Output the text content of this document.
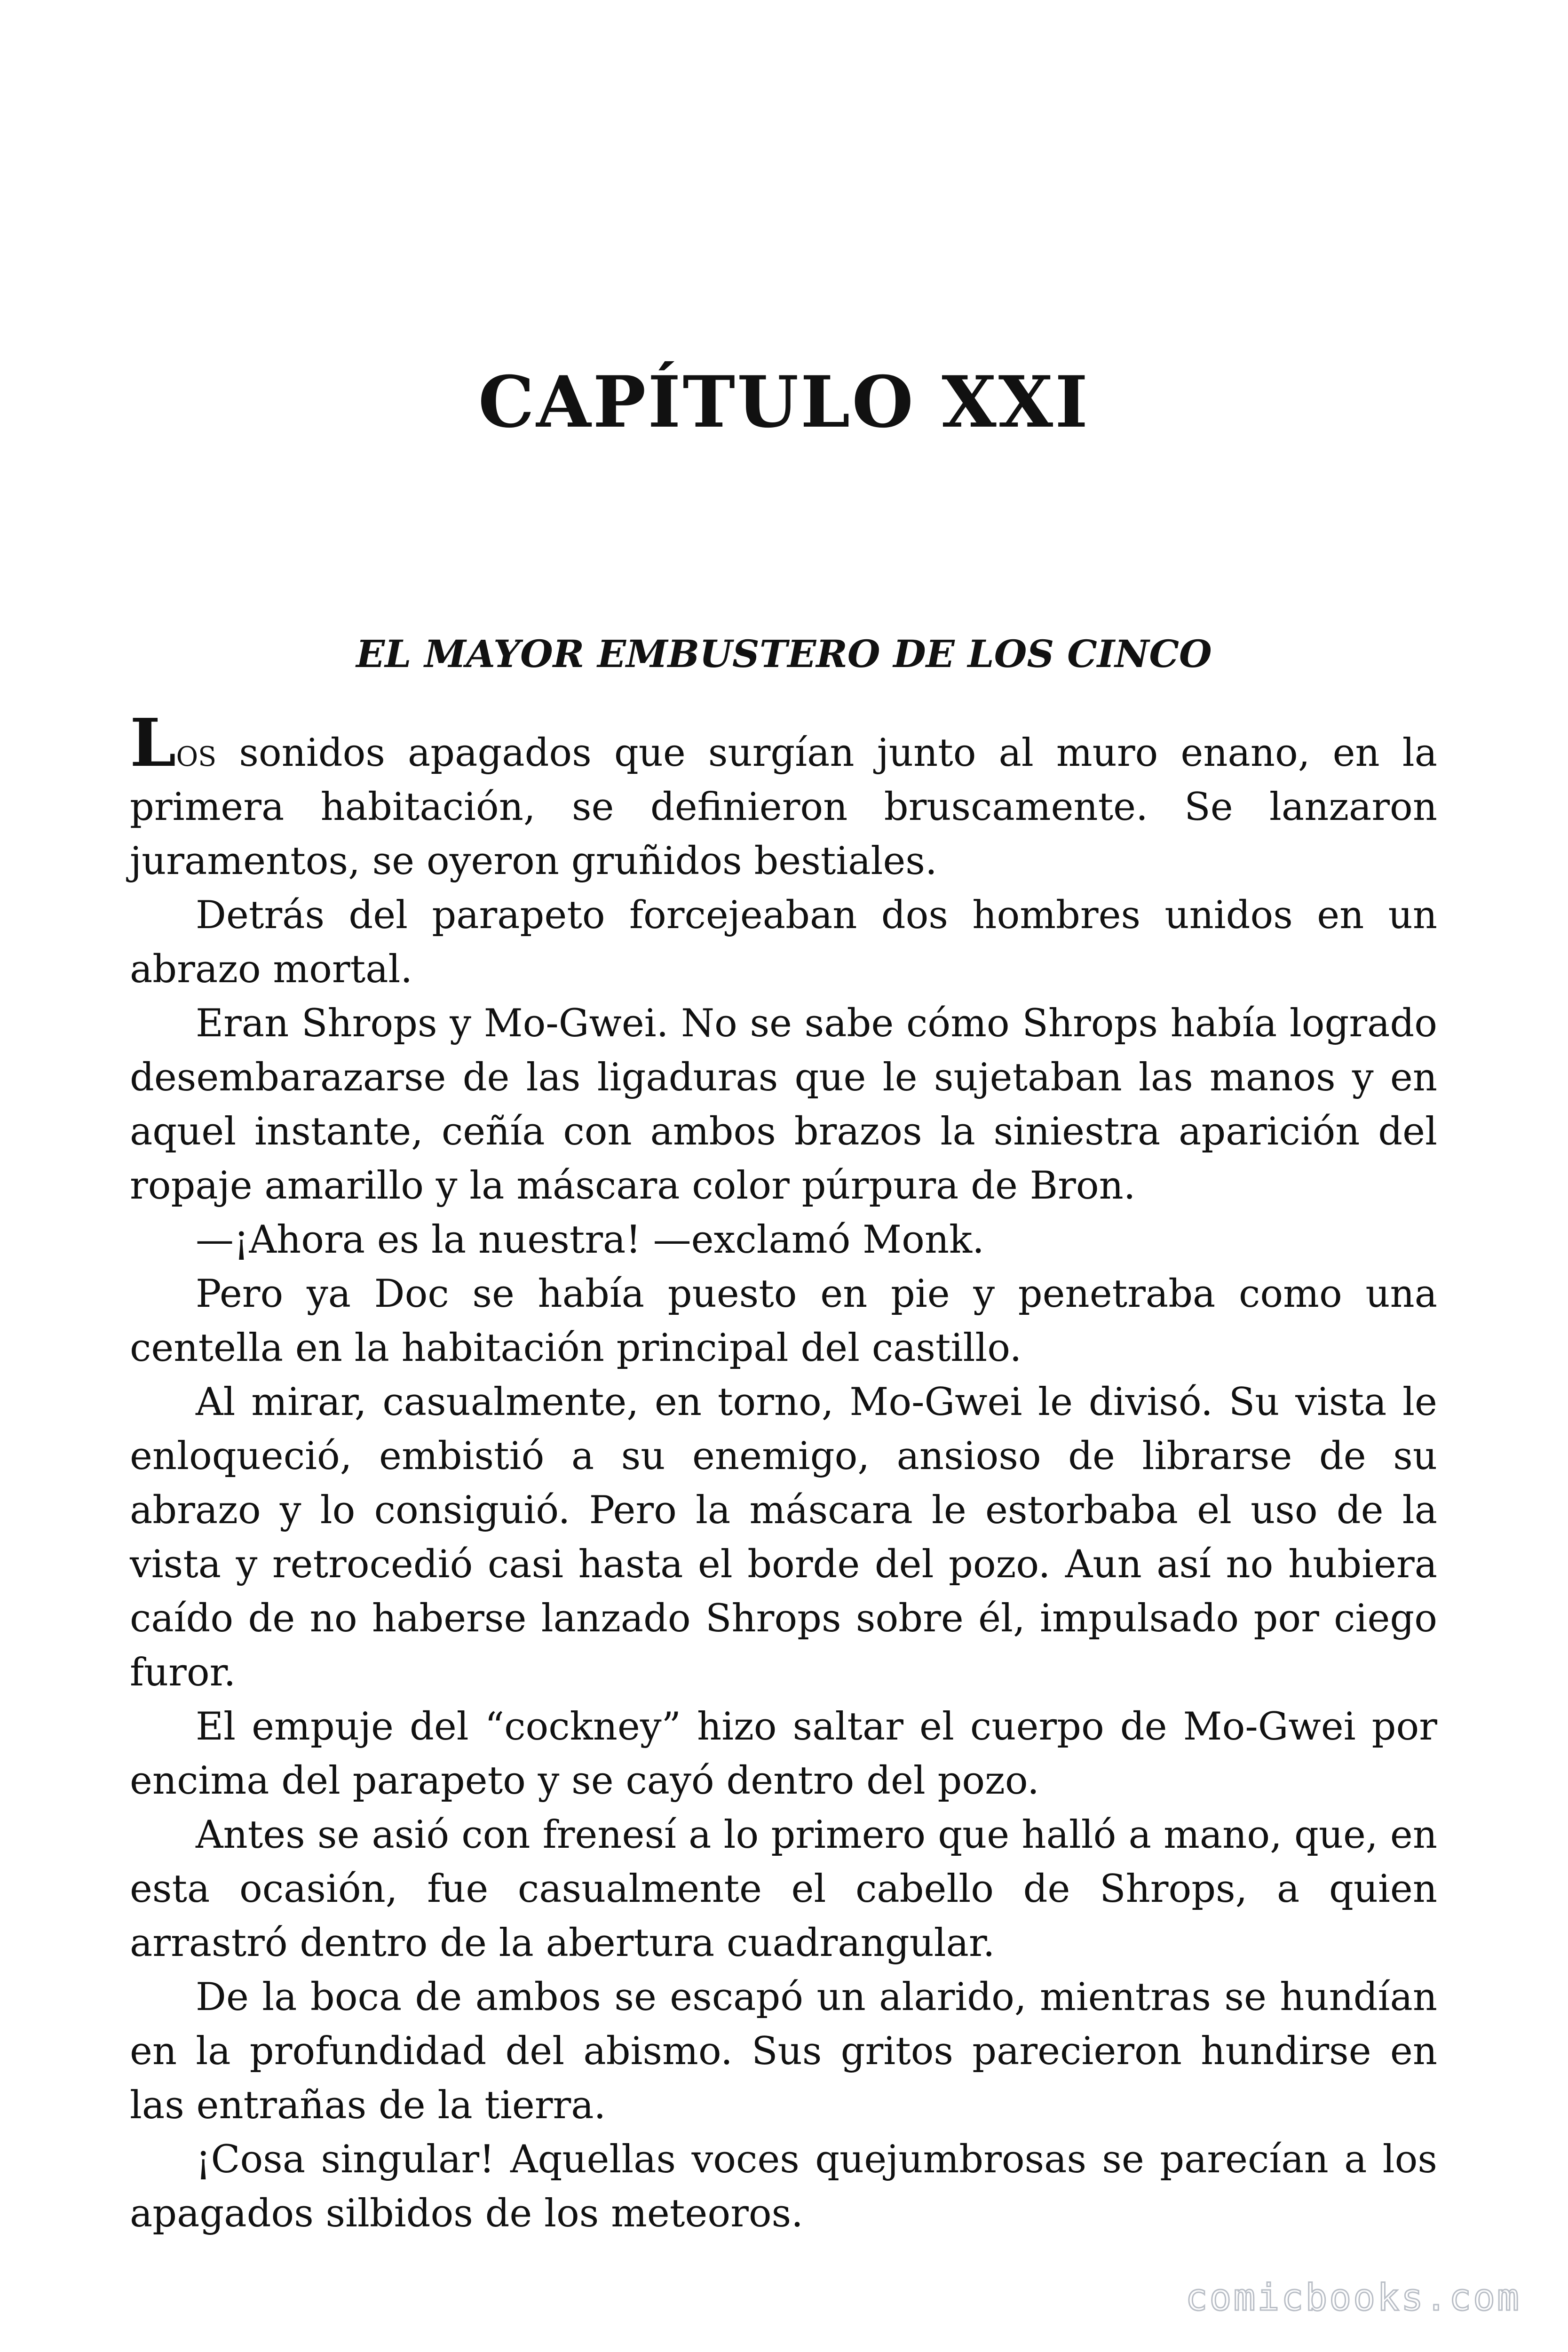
CAPÍTULO XXI
EL MAYOR EMBUSTERO DE LOS CINCO

Los sonidos apagados que surgían junto al muro enano, en la primera habitación, se definieron bruscamente. Se lanzaron juramentos, se oyeron gruñidos bestiales.

Detrás del parapeto forcejeaban dos hombres unidos en un abrazo mortal.

Eran Shrops y Mo-Gwei. No se sabe cómo Shrops había logrado desembarazarse de las ligaduras que le sujetaban las manos y en aquel instante, ceñía con ambos brazos la siniestra aparición del ropaje amarillo y la máscara color púrpura de Bron.

—¡Ahora es la nuestra! —exclamó Monk.

Pero ya Doc se había puesto en pie y penetraba como una centella en la habitación principal del castillo.

Al mirar, casualmente, en torno, Mo-Gwei le divisó. Su vista le enloqueció, embistió a su enemigo, ansioso de librarse de su abrazo y lo consiguió. Pero la máscara le estorbaba el uso de la vista y retrocedió casi hasta el borde del pozo. Aun así no hubiera caído de no haberse lanzado Shrops sobre él, impulsado por ciego furor.

El empuje del “cockney” hizo saltar el cuerpo de Mo-Gwei por encima del parapeto y se cayó dentro del pozo.

Antes se asió con frenesí a lo primero que halló a mano, que, en esta ocasión, fue casualmente el cabello de Shrops, a quien arrastró dentro de la abertura cuadrangular.

De la boca de ambos se escapó un alarido, mientras se hundían en la profundidad del abismo. Sus gritos parecieron hundirse en las entrañas de la tierra.

¡Cosa singular! Aquellas voces quejumbrosas se parecían a los apagados silbidos de los meteoros.

comicbooks.com
